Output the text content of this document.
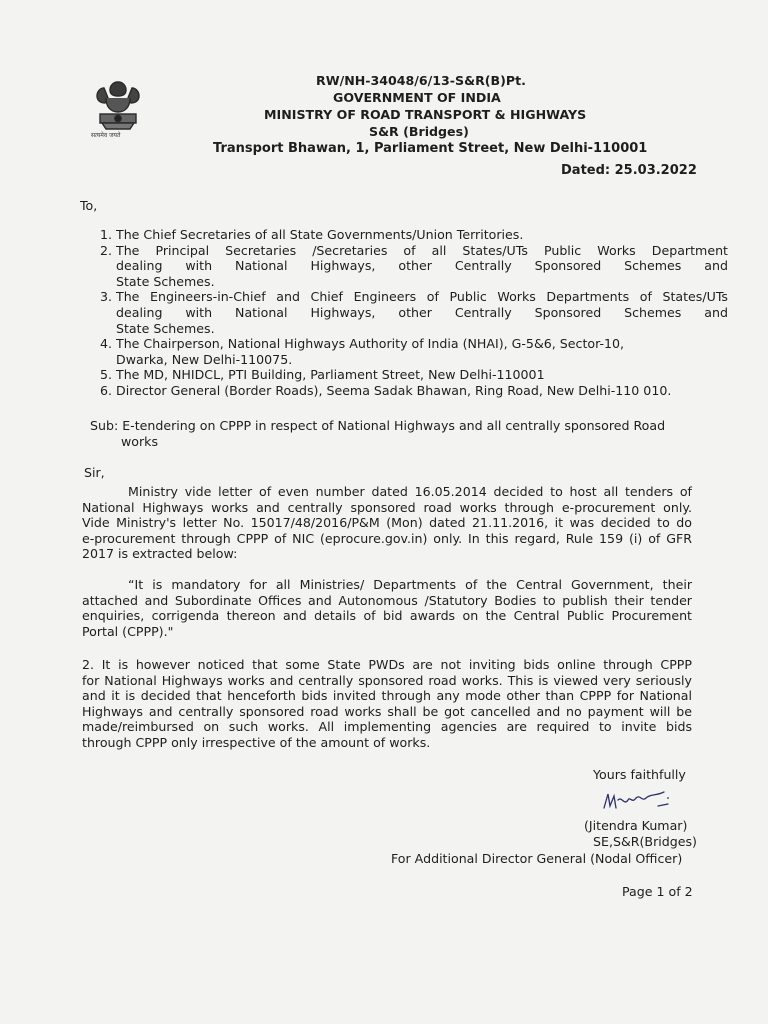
सत्यमेव जयते
RW/NH-34048/6/13-S&R(B)Pt.
GOVERNMENT OF INDIA
MINISTRY OF ROAD TRANSPORT & HIGHWAYS
S&R (Bridges)
Transport Bhawan, 1, Parliament Street, New Delhi-110001
Dated: 25.03.2022
To,
1. The Chief Secretaries of all State Governments/Union Territories.
2. The Principal Secretaries /Secretaries of all States/UTs Public Works Department
dealing with National Highways, other Centrally Sponsored Schemes and
State Schemes.
3. The Engineers-in-Chief and Chief Engineers of Public Works Departments of States/UTs
dealing with National Highways, other Centrally Sponsored Schemes and
State Schemes.
4. The Chairperson, National Highways Authority of India (NHAI), G-5&6, Sector-10,
Dwarka, New Delhi-110075.
5. The MD, NHIDCL, PTI Building, Parliament Street, New Delhi-110001
6. Director General (Border Roads), Seema Sadak Bhawan, Ring Road, New Delhi-110 010.
Sub: E-tendering on CPPP in respect of National Highways and all centrally sponsored Road
works
Sir,
Ministry vide letter of even number dated 16.05.2014 decided to host all tenders of
National Highways works and centrally sponsored road works through e-procurement only.
Vide Ministry's letter No. 15017/48/2016/P&M (Mon) dated 21.11.2016, it was decided to do
e-procurement through CPPP of NIC (eprocure.gov.in) only. In this regard, Rule 159 (i) of GFR
2017 is extracted below:
“It is mandatory for all Ministries/ Departments of the Central Government, their
attached and Subordinate Offices and Autonomous /Statutory Bodies to publish their tender
enquiries, corrigenda thereon and details of bid awards on the Central Public Procurement
Portal (CPPP)."
2. It is however noticed that some State PWDs are not inviting bids online through CPPP
for National Highways works and centrally sponsored road works. This is viewed very seriously
and it is decided that henceforth bids invited through any mode other than CPPP for National
Highways and centrally sponsored road works shall be got cancelled and no payment will be
made/reimbursed on such works. All implementing agencies are required to invite bids
through CPPP only irrespective of the amount of works.
Yours faithfully
(Jitendra Kumar)
SE,S&R(Bridges)
For Additional Director General (Nodal Officer)
Page 1 of 2
